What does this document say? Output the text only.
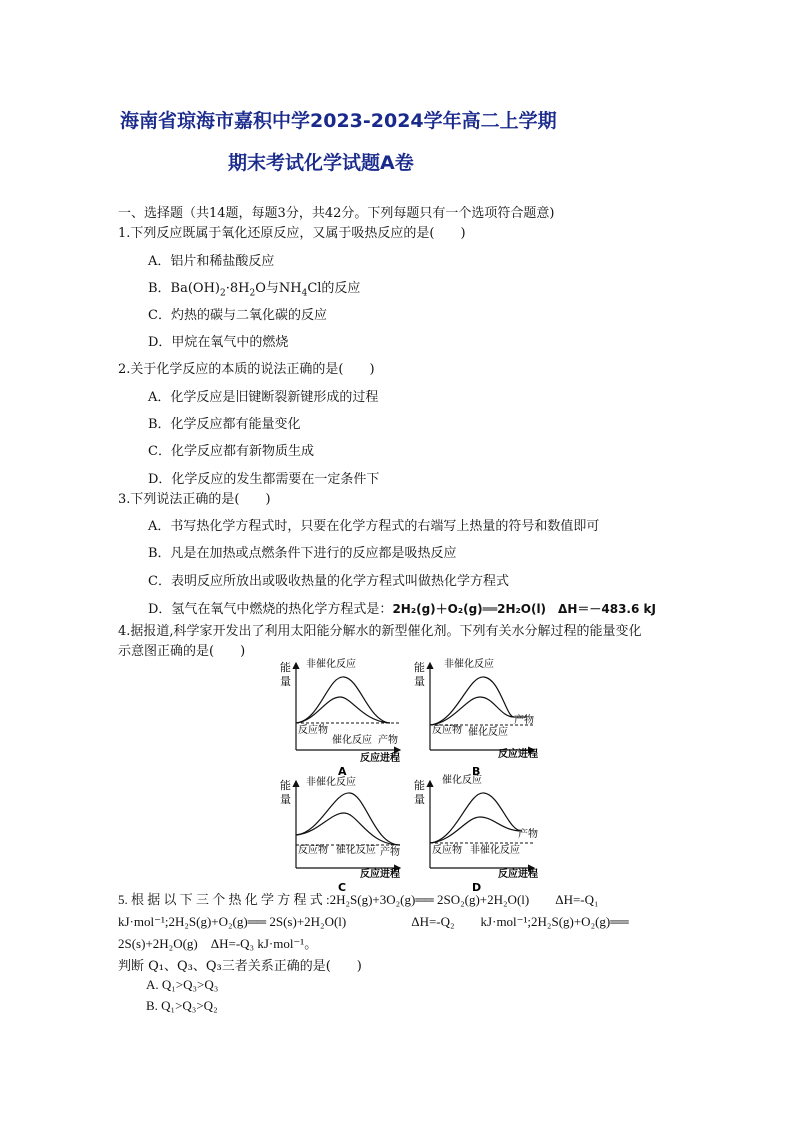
海南省琼海市嘉积中学2023-2024学年高二上学期
期末考试化学试题A卷
一、选择题（共14题，每题3分，共42分。下列每题只有一个选项符合题意)
1.下列反应既属于氧化还原反应，又属于吸热反应的是(　　)
A．铝片和稀盐酸反应
B．$Ba(OH)_2\cdot 8H_2O$与$NH_4Cl$的反应
C．灼热的碳与二氧化碳的反应
D．甲烷在氧气中的燃烧
2.关于化学反应的本质的说法正确的是(　　)
A．化学反应是旧键断裂新键形成的过程
B．化学反应都有能量变化
C．化学反应都有新物质生成
D．化学反应的发生都需要在一定条件下
3.下列说法正确的是(　　)
A．书写热化学方程式时，只要在化学方程式的右端写上热量的符号和数值即可
B．凡是在加热或点燃条件下进行的反应都是吸热反应
C．表明反应所放出或吸收热量的化学方程式叫做热化学方程式
D．氢气在氧气中燃烧的热化学方程式是：2H₂(g)＋O₂(g)══2H₂O(l)　ΔH＝－483.6 kJ
4.据报道,科学家开发出了利用太阳能分解水的新型催化剂。下列有关水分解过程的能量变化
示意图正确的是(　　)
能
量
非催化反应
反应物
催化反应 产物
反应进程
A
能
量
非催化反应
反应物 催化反应
产物
反应进程
B
能
量
非催化反应
反应物 催化反应 产物
反应进程
C
能
量
催化反应
反应物 非催化反应
产物
反应进程
D
5. 根 据 以 下 三 个 热 化 学 方 程 式 :2H₂S(g)+3O₂(g)══ 2SO₂(g)+2H₂O(l)　　ΔH=-Q₁
kJ·mol⁻¹;2H₂S(g)+O₂(g)══ 2S(s)+2H₂O(l)　　　　　ΔH=-Q₂　　kJ·mol⁻¹;2H₂S(g)+O₂(g)══
2S(s)+2H₂O(g)　ΔH=-Q₃ kJ·mol⁻¹。
判断 Q₁、Q₃、Q₃三者关系正确的是(　　)
A. Q₁>Q₃>Q₃
B. Q₁>Q₃>Q₂
